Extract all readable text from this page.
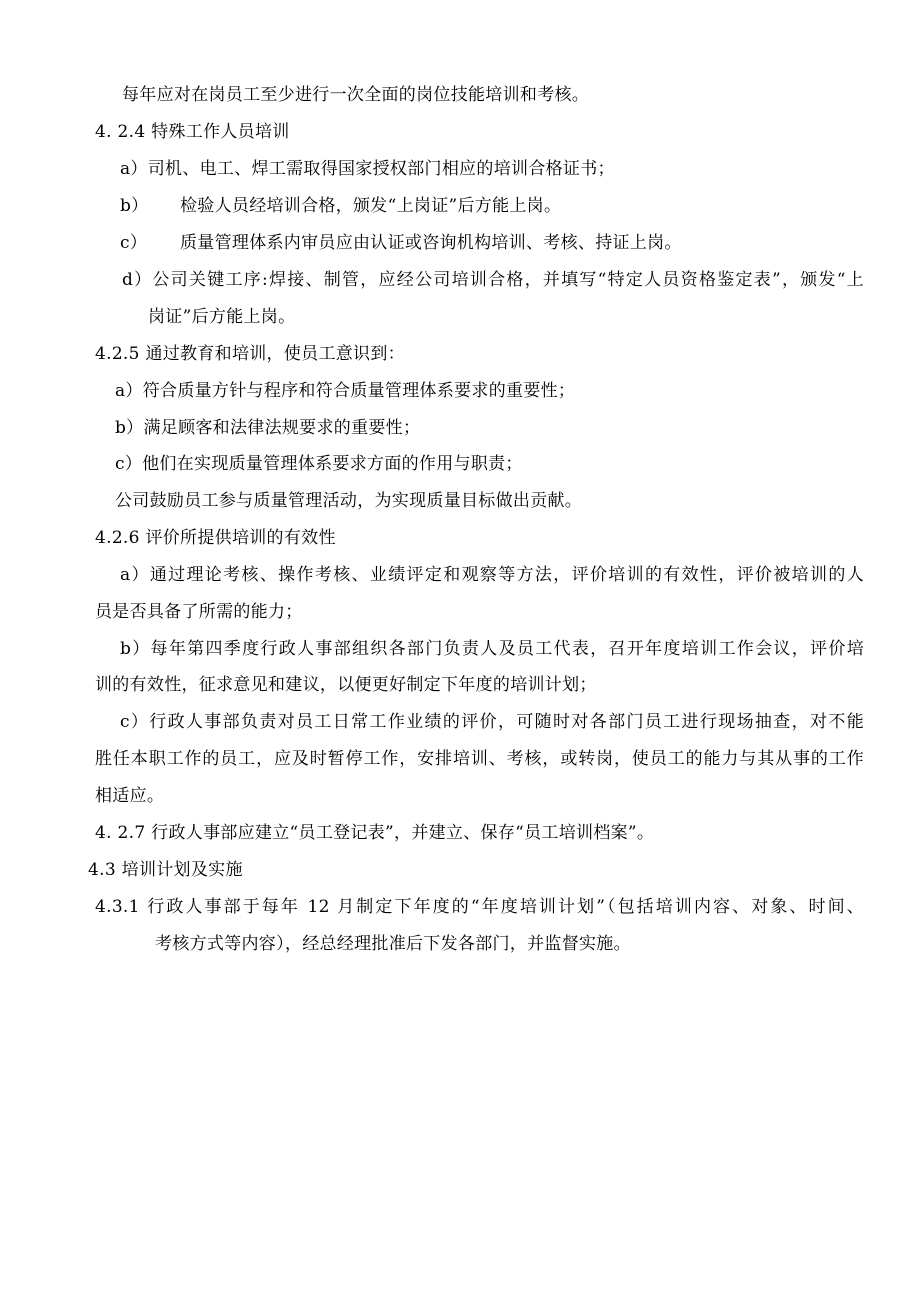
每年应对在岗员工至少进行一次全面的岗位技能培训和考核。
4. 2.4 特殊工作人员培训
a）司机、电工、焊工需取得国家授权部门相应的培训合格证书；
b） 检验人员经培训合格，颁发“上岗证”后方能上岗。
c） 质量管理体系内审员应由认证或咨询机构培训、考核、持证上岗。
d）公司关键工序:焊接、制管，应经公司培训合格，并填写“特定人员资格鉴定表”，颁发“上
岗证”后方能上岗。
4.2.5 通过教育和培训，使员工意识到：
a）符合质量方针与程序和符合质量管理体系要求的重要性；
b）满足顾客和法律法规要求的重要性；
c）他们在实现质量管理体系要求方面的作用与职责；
公司鼓励员工参与质量管理活动，为实现质量目标做出贡献。
4.2.6 评价所提供培训的有效性
a）通过理论考核、操作考核、业绩评定和观察等方法，评价培训的有效性，评价被培训的人
员是否具备了所需的能力；
b）每年第四季度行政人事部组织各部门负责人及员工代表，召开年度培训工作会议，评价培
训的有效性，征求意见和建议，以便更好制定下年度的培训计划；
c）行政人事部负责对员工日常工作业绩的评价，可随时对各部门员工进行现场抽查，对不能
胜任本职工作的员工，应及时暂停工作，安排培训、考核，或转岗，使员工的能力与其从事的工作
相适应。
4. 2.7 行政人事部应建立“员工登记表”，并建立、保存“员工培训档案”。
4.3 培训计划及实施
4.3.1 行政人事部于每年 12 月制定下年度的“年度培训计划”（包括培训内容、对象、时间、
考核方式等内容），经总经理批准后下发各部门，并监督实施。
